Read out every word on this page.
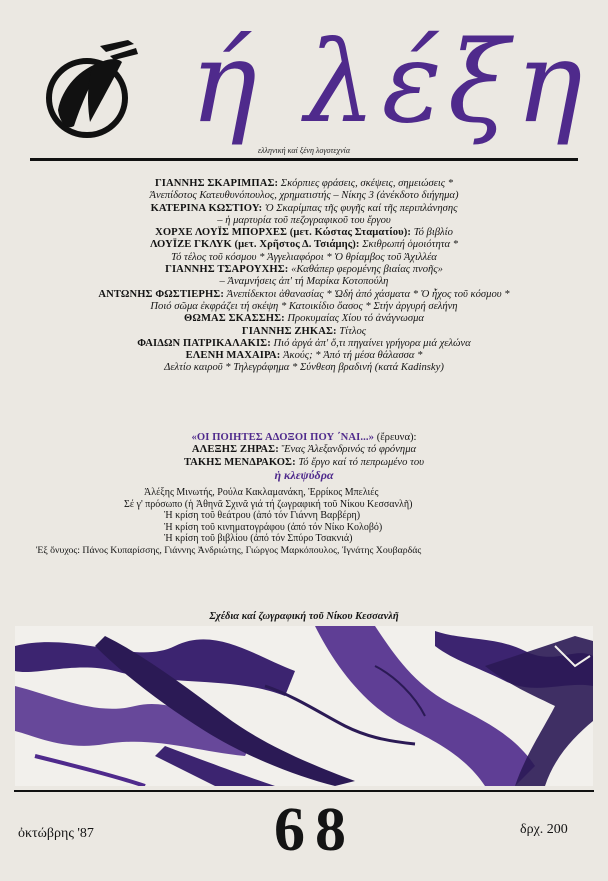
ή λέξη
ελληνική καί ξένη λογοτεχνία
ΓΙΑΝΝΗΣ ΣΚΑΡΙΜΠΑΣ: Σκόρπιες φράσεις, σκέψεις, σημειώσεις *
Ἀνεπίδοτος Κατευθυνόπουλος, χρηματιστής – Νίκης 3 (ἀνέκδοτο διήγημα)
ΚΑΤΕΡΙΝΑ ΚΩΣΤΙΟΥ: Ὁ Σκαρίμπας τῆς φυγῆς καί τῆς περιπλάνησης
– ἡ μαρτυρία τοῦ πεζογραφικοῦ του ἔργου
ΧΟΡΧΕ ΛΟΥΪΣ ΜΠΟΡΧΕΣ (μετ. Κώστας Σταματίου): Τό βιβλίο
ΛΟΥΪΖΕ ΓΚΛΥΚ (μετ. Χρῆστος Δ. Τσιάμης): Σκιθρωπή ὁμοιότητα *
Τό τέλος τοῦ κόσμου * Ἀγγελιαφόροι * Ὁ θρίαμβος τοῦ Ἀχιλλέα
ΓΙΑΝΝΗΣ ΤΣΑΡΟΥΧΗΣ: «Καθάπερ φερομένης βιαίας πνοῆς»
– Ἀναμνήσεις ἀπ' τή Μαρίκα Κοτοπούλη
ΑΝΤΩΝΗΣ ΦΩΣΤΙΕΡΗΣ: Ἀνεπίδεκτοι ἀθανασίας * Ὠδή ἀπό χάσματα * Ὁ ἦχος τοῦ κόσμου *
Ποιό σῶμα ἐκφράζει τή σκέψη * Κατοικίδιο ὄασος * Στήν ἀργυρή σελήνη
ΘΩΜΑΣ ΣΚΑΣΣΗΣ: Προκυμαίας Χίου τό ἀνάγνωσμα
ΓΙΑΝΝΗΣ ΖΗΚΑΣ: Τίτλος
ΦΑΙΔΩΝ ΠΑΤΡΙΚΑΛΑΚΙΣ: Πιό ἀργά ἀπ' ὅ,τι πηγαίνει γρήγορα μιά χελώνα
ΕΛΕΝΗ ΜΑΧΑΙΡΑ: Ἀκούς; * Ἀπό τή μέσα θάλασσα *
Δελτίο καιροῦ * Τηλεγράφημα * Σύνθεση βραδινή (κατά Kadinsky)
«ΟΙ ΠΟΙΗΤΕΣ ΑΔΟΞΟΙ ΠΟΥ ΄ΝΑΙ...» (ἔρευνα):
ΑΛΕΞΗΣ ΖΗΡΑΣ: Ἕνας Ἀλεξανδρινός τό φρόνημα
ΤΑΚΗΣ ΜΕΝΔΡΑΚΟΣ: Τό ἔργο καί τό πεπρωμένο του
ἡ κλεψύδρα
Ἀλέξης Μινωτής, Ρούλα Κακλαμανάκη, Ἑρρίκος Μπελιές
Σέ γ' πρόσωπο (ἡ Ἀθηνᾶ Σχινᾶ γιά τή ζωγραφική τοῦ Νίκου Κεσσανλῆ)
Ἡ κρίση τοῦ θεάτρου (ἀπό τόν Γιάννη Βαρβέρη)
Ἡ κρίση τοῦ κινηματογράφου (ἀπό τόν Νίκο Κολοβό)
Ἡ κρίση τοῦ βιβλίου (ἀπό τόν Σπύρο Τσακνιά)
Ἐξ ὄνυχος: Πάνος Κυπαρίσσης, Γιάννης Ἀνδριώτης, Γιώργος Μαρκόπουλος, Ἰγνάτης Χουβαρδάς
Σχέδια καί ζωγραφική τοῦ Νίκου Κεσσανλῆ
68
ὀκτώβρης '87	δρχ. 200
